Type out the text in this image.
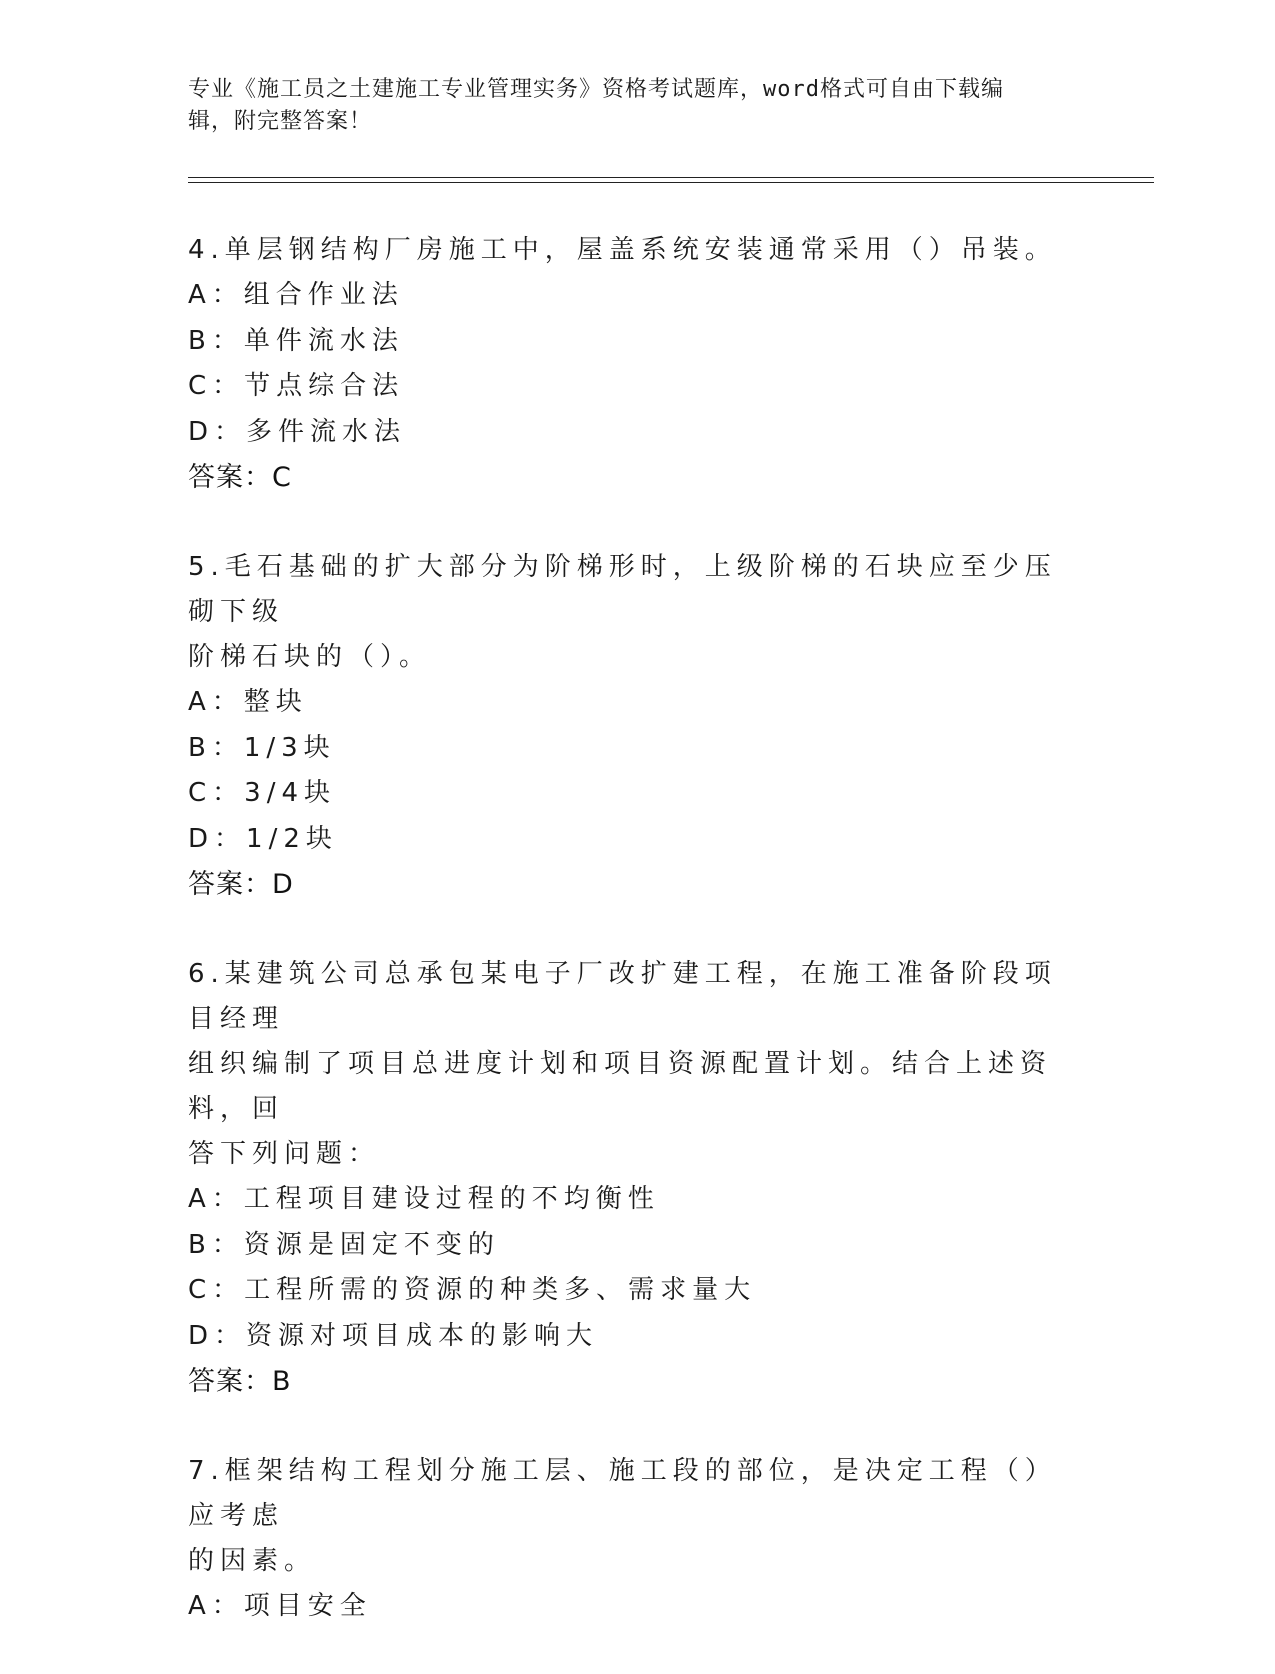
专业《施工员之土建施工专业管理实务》资格考试题库，word格式可自由下载编
辑，附完整答案！

4.单层钢结构厂房施工中，屋盖系统安装通常采用（）吊装。

A：组合作业法

B：单件流水法

C：节点综合法

D：多件流水法

答案：C

5.毛石基础的扩大部分为阶梯形时，上级阶梯的石块应至少压砌下级

阶梯石块的（）。

A：整块

B：1/3块

C：3/4块

D：1/2块

答案：D

6.某建筑公司总承包某电子厂改扩建工程，在施工准备阶段项目经理

组织编制了项目总进度计划和项目资源配置计划。结合上述资料，回

答下列问题：

A：工程项目建设过程的不均衡性

B：资源是固定不变的

C：工程所需的资源的种类多、需求量大

D：资源对项目成本的影响大

答案：B

7.框架结构工程划分施工层、施工段的部位，是决定工程（）应考虑

的因素。

A：项目安全
